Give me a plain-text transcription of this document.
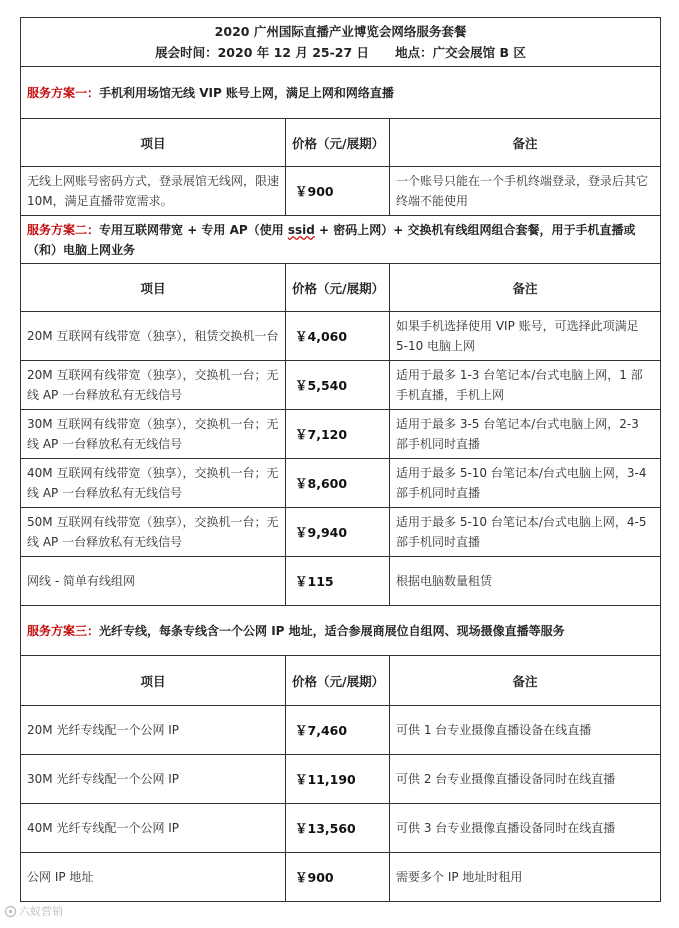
2020 广州国际直播产业博览会网络服务套餐
展会时间：2020 年 12 月 25-27 日      地点：广交会展馆 B 区		

服务方案一：手机利用场馆无线 VIP 账号上网，满足上网和网络直播		
项目	价格（元/展期）	备注
无线上网账号密码方式，登录展馆无线网，限速 10M，满足直播带宽需求。	￥900	一个账号只能在一个手机终端登录，登录后其它终端不能使用
服务方案二：专用互联网带宽 + 专用 AP（使用 ssid + 密码上网）+ 交换机有线组网组合套餐，用于手机直播或（和）电脑上网业务		
项目	价格（元/展期）	备注
20M 互联网有线带宽（独享），租赁交换机一台	￥4,060	如果手机选择使用 VIP 账号，可选择此项满足 5-10 电脑上网
20M 互联网有线带宽（独享），交换机一台；无线 AP 一台释放私有无线信号	￥5,540	适用于最多 1-3 台笔记本/台式电脑上网，1 部手机直播，手机上网
30M 互联网有线带宽（独享），交换机一台；无线 AP 一台释放私有无线信号	￥7,120	适用于最多 3-5 台笔记本/台式电脑上网，2-3 部手机同时直播
40M 互联网有线带宽（独享），交换机一台；无线 AP 一台释放私有无线信号	￥8,600	适用于最多 5-10 台笔记本/台式电脑上网，3-4 部手机同时直播
50M 互联网有线带宽（独享），交换机一台；无线 AP 一台释放私有无线信号	￥9,940	适用于最多 5-10 台笔记本/台式电脑上网，4-5 部手机同时直播
网线 - 简单有线组网	￥115	根据电脑数量租赁
服务方案三：光纤专线，每条专线含一个公网 IP 地址，适合参展商展位自组网、现场摄像直播等服务		
项目	价格（元/展期）	备注
20M 光纤专线配一个公网 IP	￥7,460	可供 1 台专业摄像直播设备在线直播
30M 光纤专线配一个公网 IP	￥11,190	可供 2 台专业摄像直播设备同时在线直播
40M 光纤专线配一个公网 IP	￥13,560	可供 3 台专业摄像直播设备同时在线直播
公网 IP 地址	￥900	需要多个 IP 地址时租用
六蚁营销
